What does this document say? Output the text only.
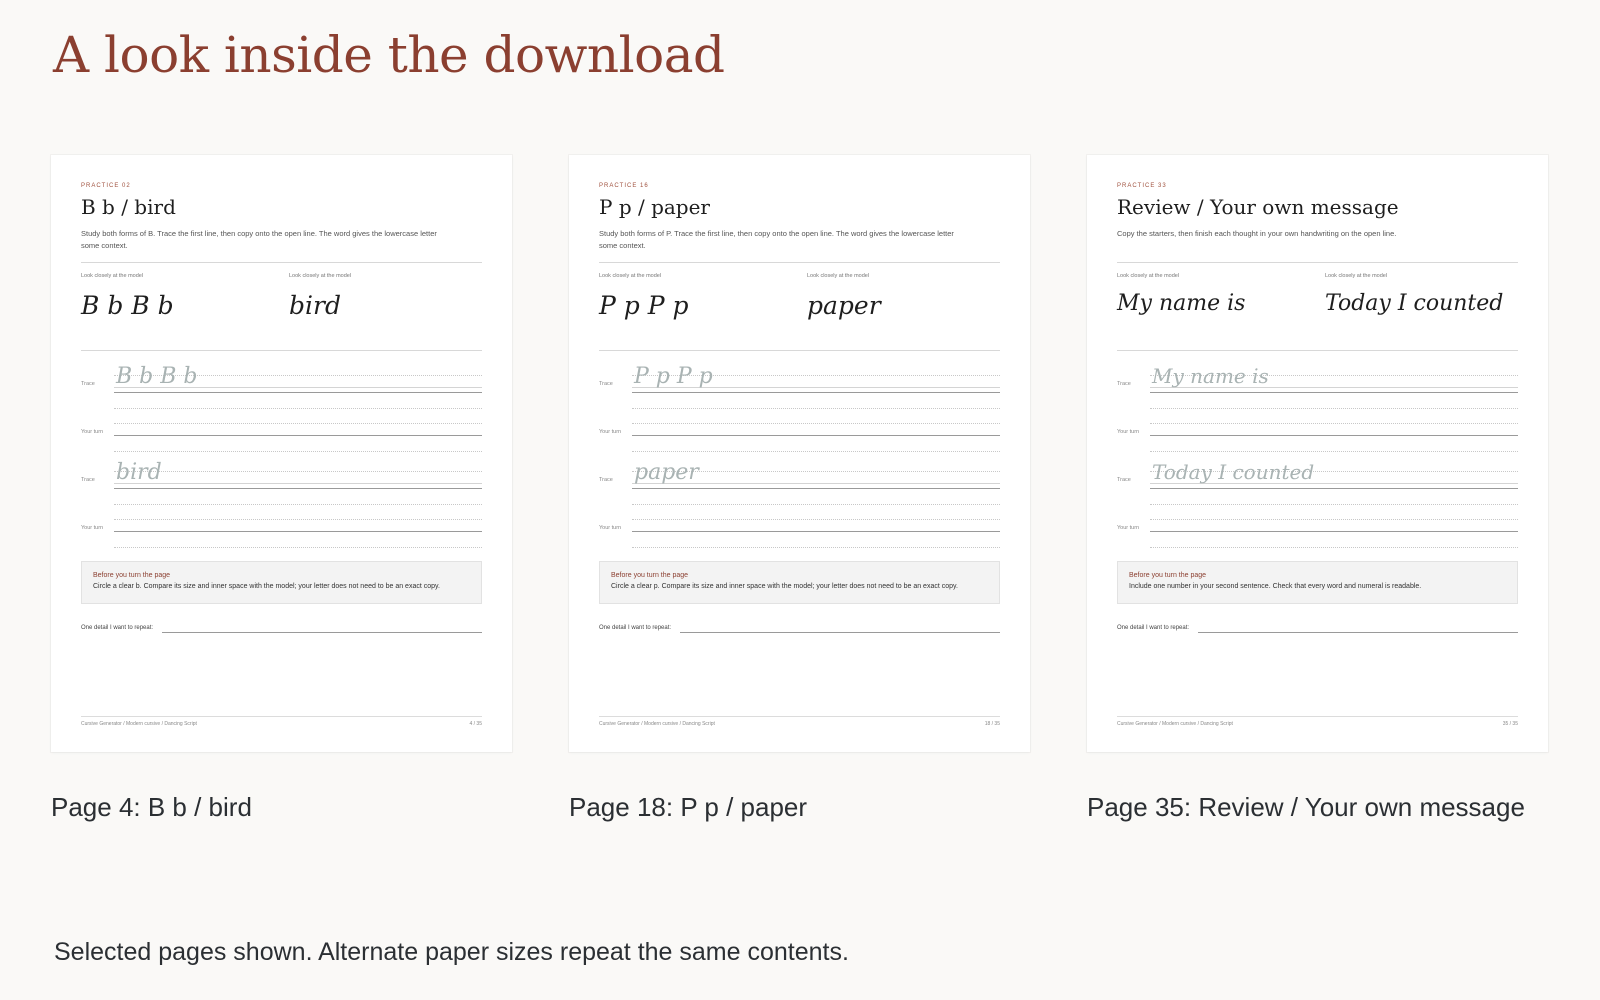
A look inside the download
PRACTICE 02
B b / bird
Study both forms of B. Trace the first line, then copy onto the open line. The word gives the lowercase letter some context.
Look closely at the model	Look closely at the model
B b B b	bird
Trace B b B b
Your turn
Trace bird
Your turn
Before you turn the page
Circle a clear b. Compare its size and inner space with the model; your letter does not need to be an exact copy.
One detail I want to repeat:
Cursive Generator / Modern cursive / Dancing Script	4 / 35
Page 4: B b / bird
PRACTICE 16
P p / paper
Study both forms of P. Trace the first line, then copy onto the open line. The word gives the lowercase letter some context.
Look closely at the model	Look closely at the model
P p P p	paper
Trace P p P p
Your turn
Trace paper
Your turn
Before you turn the page
Circle a clear p. Compare its size and inner space with the model; your letter does not need to be an exact copy.
One detail I want to repeat:
Cursive Generator / Modern cursive / Dancing Script	18 / 35
Page 18: P p / paper
PRACTICE 33
Review / Your own message
Copy the starters, then finish each thought in your own handwriting on the open line.
Look closely at the model	Look closely at the model
My name is	Today I counted
Trace My name is
Your turn
Trace Today I counted
Your turn
Before you turn the page
Include one number in your second sentence. Check that every word and numeral is readable.
One detail I want to repeat:
Cursive Generator / Modern cursive / Dancing Script	35 / 35
Page 35: Review / Your own message

Selected pages shown. Alternate paper sizes repeat the same contents.
